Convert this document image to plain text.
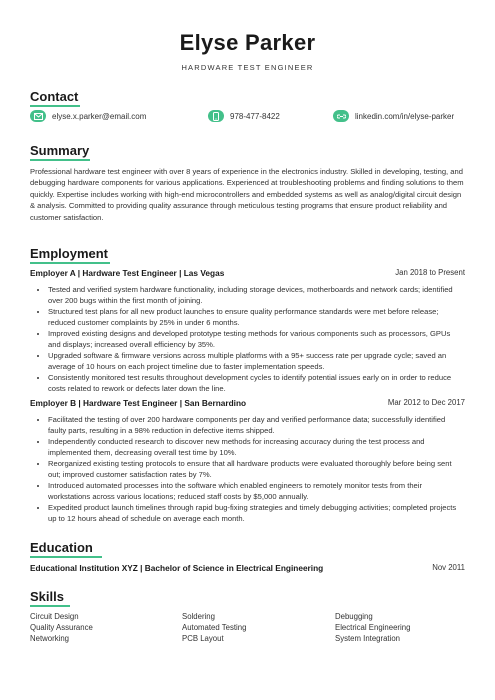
Elyse Parker
HARDWARE TEST ENGINEER
Contact
elyse.x.parker@email.com	978-477-8422	linkedin.com/in/elyse-parker
Summary
Professional hardware test engineer with over 8 years of experience in the electronics industry. Skilled in developing, testing, and debugging hardware components for various applications. Experienced at troubleshooting problems and finding solutions to them quickly. Expertise includes working with high-end microcontrollers and embedded systems as well as analog/digital circuit design & analysis. Committed to providing quality assurance through meticulous testing programs that ensure product reliability and customer satisfaction.
Employment
Employer A | Hardware Test Engineer | Las Vegas	Jan 2018 to Present
• Tested and verified system hardware functionality, including storage devices, motherboards and network cards; identified over 200 bugs within the first month of joining.
• Structured test plans for all new product launches to ensure quality performance standards were met before release; reduced customer complaints by 25% in under 6 months.
• Improved existing designs and developed prototype testing methods for various components such as processors, GPUs and displays; increased overall efficiency by 35%.
• Upgraded software & firmware versions across multiple platforms with a 95+ success rate per upgrade cycle; saved an average of 10 hours on each project timeline due to faster implementation speeds.
• Consistently monitored test results throughout development cycles to identify potential issues early on in order to reduce costs related to rework or defects later down the line.
Employer B | Hardware Test Engineer | San Bernardino	Mar 2012 to Dec 2017
• Facilitated the testing of over 200 hardware components per day and verified performance data; successfully identified faulty parts, resulting in a 98% reduction in defective items shipped.
• Independently conducted research to discover new methods for increasing accuracy during the test process and implemented them, decreasing overall test time by 10%.
• Reorganized existing testing protocols to ensure that all hardware products were evaluated thoroughly before being sent out; improved customer satisfaction rates by 7%.
• Introduced automated processes into the software which enabled engineers to remotely monitor tests from their workstations across various locations; reduced staff costs by $5,000 annually.
• Expedited product launch timelines through rapid bug-fixing strategies and timely debugging activities; completed projects up to 12 hours ahead of schedule on average each month.
Education
Educational Institution XYZ | Bachelor of Science in Electrical Engineering	Nov 2011
Skills
Circuit Design	Soldering	Debugging
Quality Assurance	Automated Testing	Electrical Engineering
Networking	PCB Layout	System Integration
